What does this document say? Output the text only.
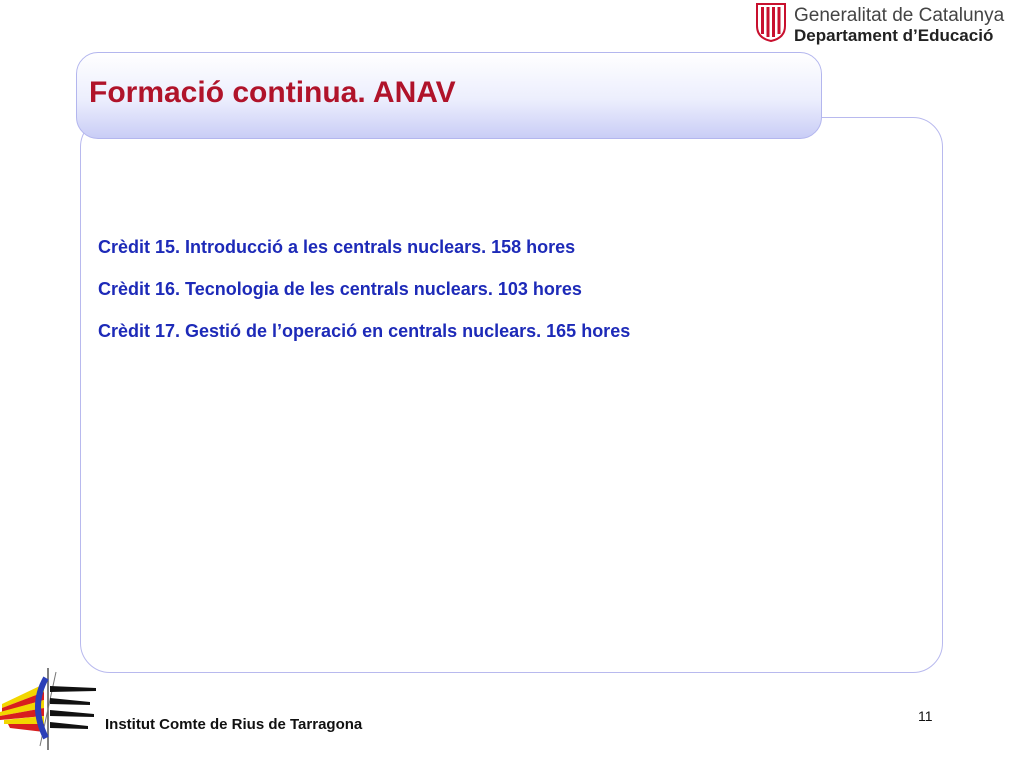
Generalitat de Catalunya
Departament d’Educació
Formació continua. ANAV
Crèdit 15. Introducció a les centrals nuclears. 158 hores
Crèdit 16. Tecnologia de les centrals nuclears. 103 hores
Crèdit 17. Gestió de l’operació en centrals nuclears. 165 hores
Institut Comte de Rius de Tarragona	11
